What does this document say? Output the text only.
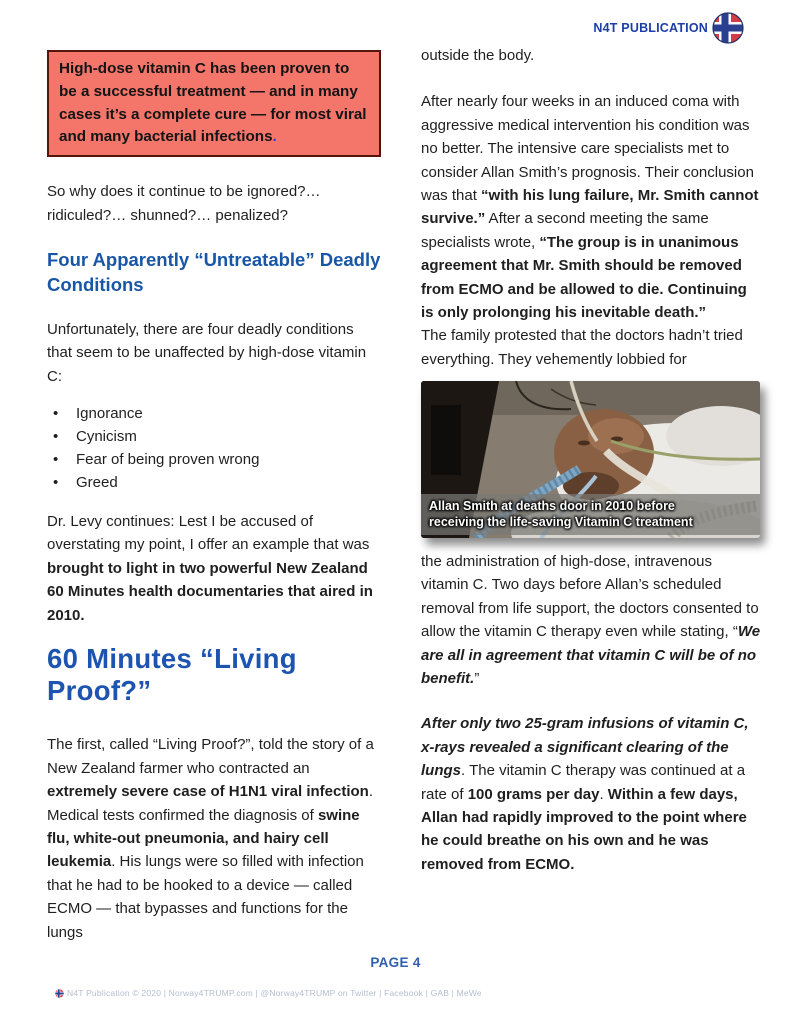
N4T PUBLICATION
High-dose vitamin C has been proven to be a successful treatment — and in many cases it’s a complete cure — for most viral and many bacterial infections.

So why does it continue to be ignored?… ridiculed?… shunned?… penalized?

Four Apparently “Untreatable” Deadly Conditions

Unfortunately, there are four deadly conditions that seem to be unaffected by high-dose vitamin C:

• Ignorance
• Cynicism
• Fear of being proven wrong
• Greed

Dr. Levy continues: Lest I be accused of overstating my point, I offer an example that was brought to light in two powerful New Zealand 60 Minutes health documentaries that aired in 2010.

60 Minutes “Living Proof?”

The first, called “Living Proof?”, told the story of a New Zealand farmer who contracted an extremely severe case of H1N1 viral infection. Medical tests confirmed the diagnosis of swine flu, white-out pneumonia, and hairy cell leukemia. His lungs were so filled with infection that he had to be hooked to a device — called ECMO — that bypasses and functions for the lungs

outside the body.

After nearly four weeks in an induced coma with aggressive medical intervention his condition was no better. The intensive care specialists met to consider Allan Smith’s prognosis. Their conclusion was that “with his lung failure, Mr. Smith cannot survive.” After a second meeting the same specialists wrote, “The group is in unanimous agreement that Mr. Smith should be removed from ECMO and be allowed to die. Continuing is only prolonging his inevitable death.”

The family protested that the doctors hadn’t tried everything. They vehemently lobbied for

Allan Smith at deaths door in 2010 before
receiving the life-saving Vitamin C treatment

the administration of high-dose, intravenous vitamin C. Two days before Allan’s scheduled removal from life support, the doctors consented to allow the vitamin C therapy even while stating, “We are all in agreement that vitamin C will be of no benefit.”

After only two 25-gram infusions of vitamin C, x-rays revealed a significant clearing of the lungs. The vitamin C therapy was continued at a rate of 100 grams per day. Within a few days, Allan had rapidly improved to the point where he could breathe on his own and he was removed from ECMO.

PAGE 4
N4T Publication © 2020 | Norway4TRUMP.com | @Norway4TRUMP on Twitter | Facebook | GAB | MeWe
